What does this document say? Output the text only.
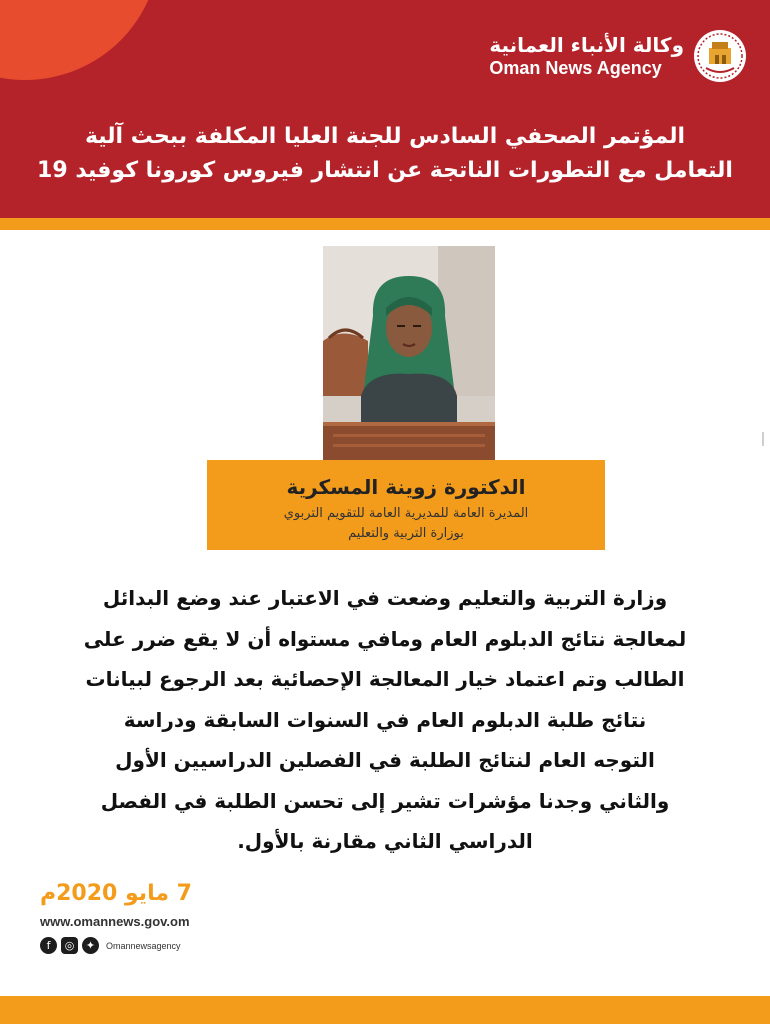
وكالة الأنباء العمانية
Oman News Agency
المؤتمر الصحفي السادس للجنة العليا المكلفة ببحث آلية
التعامل مع التطورات الناتجة عن انتشار فيروس كورونا كوفيد 19
الدكتورة زوينة المسكرية
المديرة العامة للمديرية العامة للتقويم التربوي
بوزارة التربية والتعليم
وزارة التربية والتعليم وضعت في الاعتبار عند وضع البدائل
لمعالجة نتائج الدبلوم العام ومافي مستواه أن لا يقع ضرر على
الطالب وتم اعتماد خيار المعالجة الإحصائية بعد الرجوع لبيانات
نتائج طلبة الدبلوم العام في السنوات السابقة ودراسة
التوجه العام لنتائج الطلبة في الفصلين الدراسيين الأول
والثاني وجدنا مؤشرات تشير إلى تحسن الطلبة في الفصل
الدراسي الثاني مقارنة بالأول.
7 مايو 2020م
www.omannews.gov.om
f	◎	✦	Omannewsagency
